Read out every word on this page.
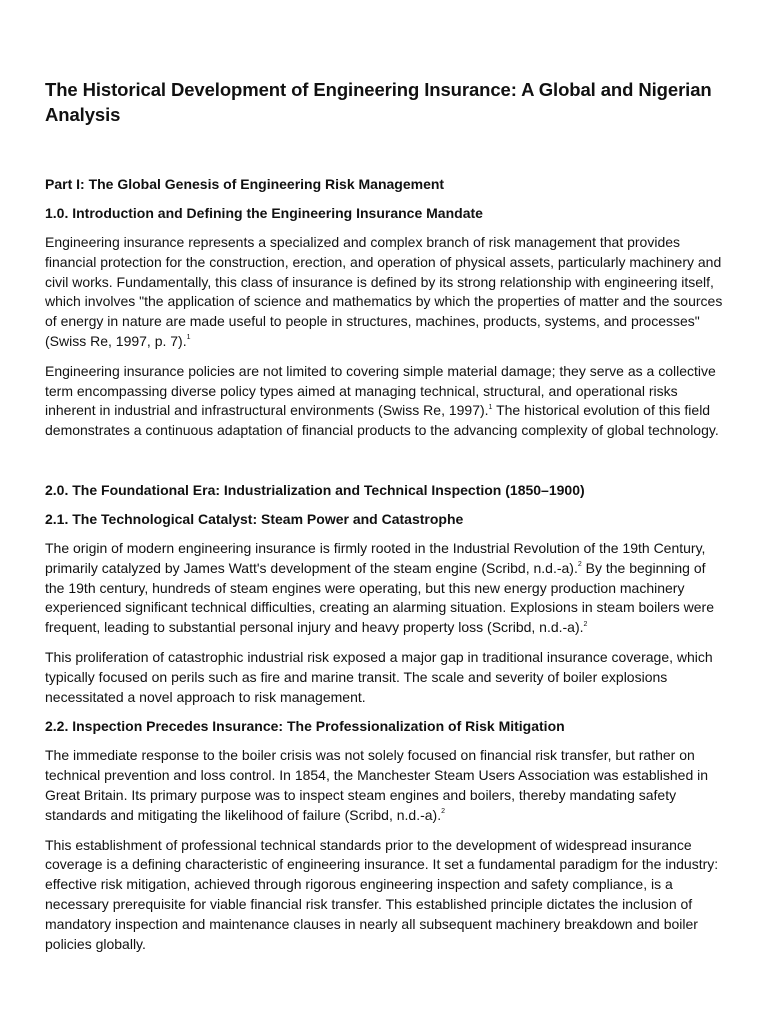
The Historical Development of Engineering Insurance: A Global and Nigerian Analysis
Part I: The Global Genesis of Engineering Risk Management
1.0. Introduction and Defining the Engineering Insurance Mandate

Engineering insurance represents a specialized and complex branch of risk management that provides financial protection for the construction, erection, and operation of physical assets, particularly machinery and civil works. Fundamentally, this class of insurance is defined by its strong relationship with engineering itself, which involves "the application of science and mathematics by which the properties of matter and the sources of energy in nature are made useful to people in structures, machines, products, systems, and processes" (Swiss Re, 1997, p. 7).$^1$

Engineering insurance policies are not limited to covering simple material damage; they serve as a collective term encompassing diverse policy types aimed at managing technical, structural, and operational risks inherent in industrial and infrastructural environments (Swiss Re, 1997).$^1$ The historical evolution of this field demonstrates a continuous adaptation of financial products to the advancing complexity of global technology.

2.0. The Foundational Era: Industrialization and Technical Inspection (1850–1900)
2.1. The Technological Catalyst: Steam Power and Catastrophe

The origin of modern engineering insurance is firmly rooted in the Industrial Revolution of the 19th Century, primarily catalyzed by James Watt's development of the steam engine (Scribd, n.d.-a).$^2$ By the beginning of the 19th century, hundreds of steam engines were operating, but this new energy production machinery experienced significant technical difficulties, creating an alarming situation. Explosions in steam boilers were frequent, leading to substantial personal injury and heavy property loss (Scribd, n.d.-a).$^2$

This proliferation of catastrophic industrial risk exposed a major gap in traditional insurance coverage, which typically focused on perils such as fire and marine transit. The scale and severity of boiler explosions necessitated a novel approach to risk management.

2.2. Inspection Precedes Insurance: The Professionalization of Risk Mitigation

The immediate response to the boiler crisis was not solely focused on financial risk transfer, but rather on technical prevention and loss control. In 1854, the Manchester Steam Users Association was established in Great Britain. Its primary purpose was to inspect steam engines and boilers, thereby mandating safety standards and mitigating the likelihood of failure (Scribd, n.d.-a).$^2$

This establishment of professional technical standards prior to the development of widespread insurance coverage is a defining characteristic of engineering insurance. It set a fundamental paradigm for the industry: effective risk mitigation, achieved through rigorous engineering inspection and safety compliance, is a necessary prerequisite for viable financial risk transfer. This established principle dictates the inclusion of mandatory inspection and maintenance clauses in nearly all subsequent machinery breakdown and boiler policies globally.
